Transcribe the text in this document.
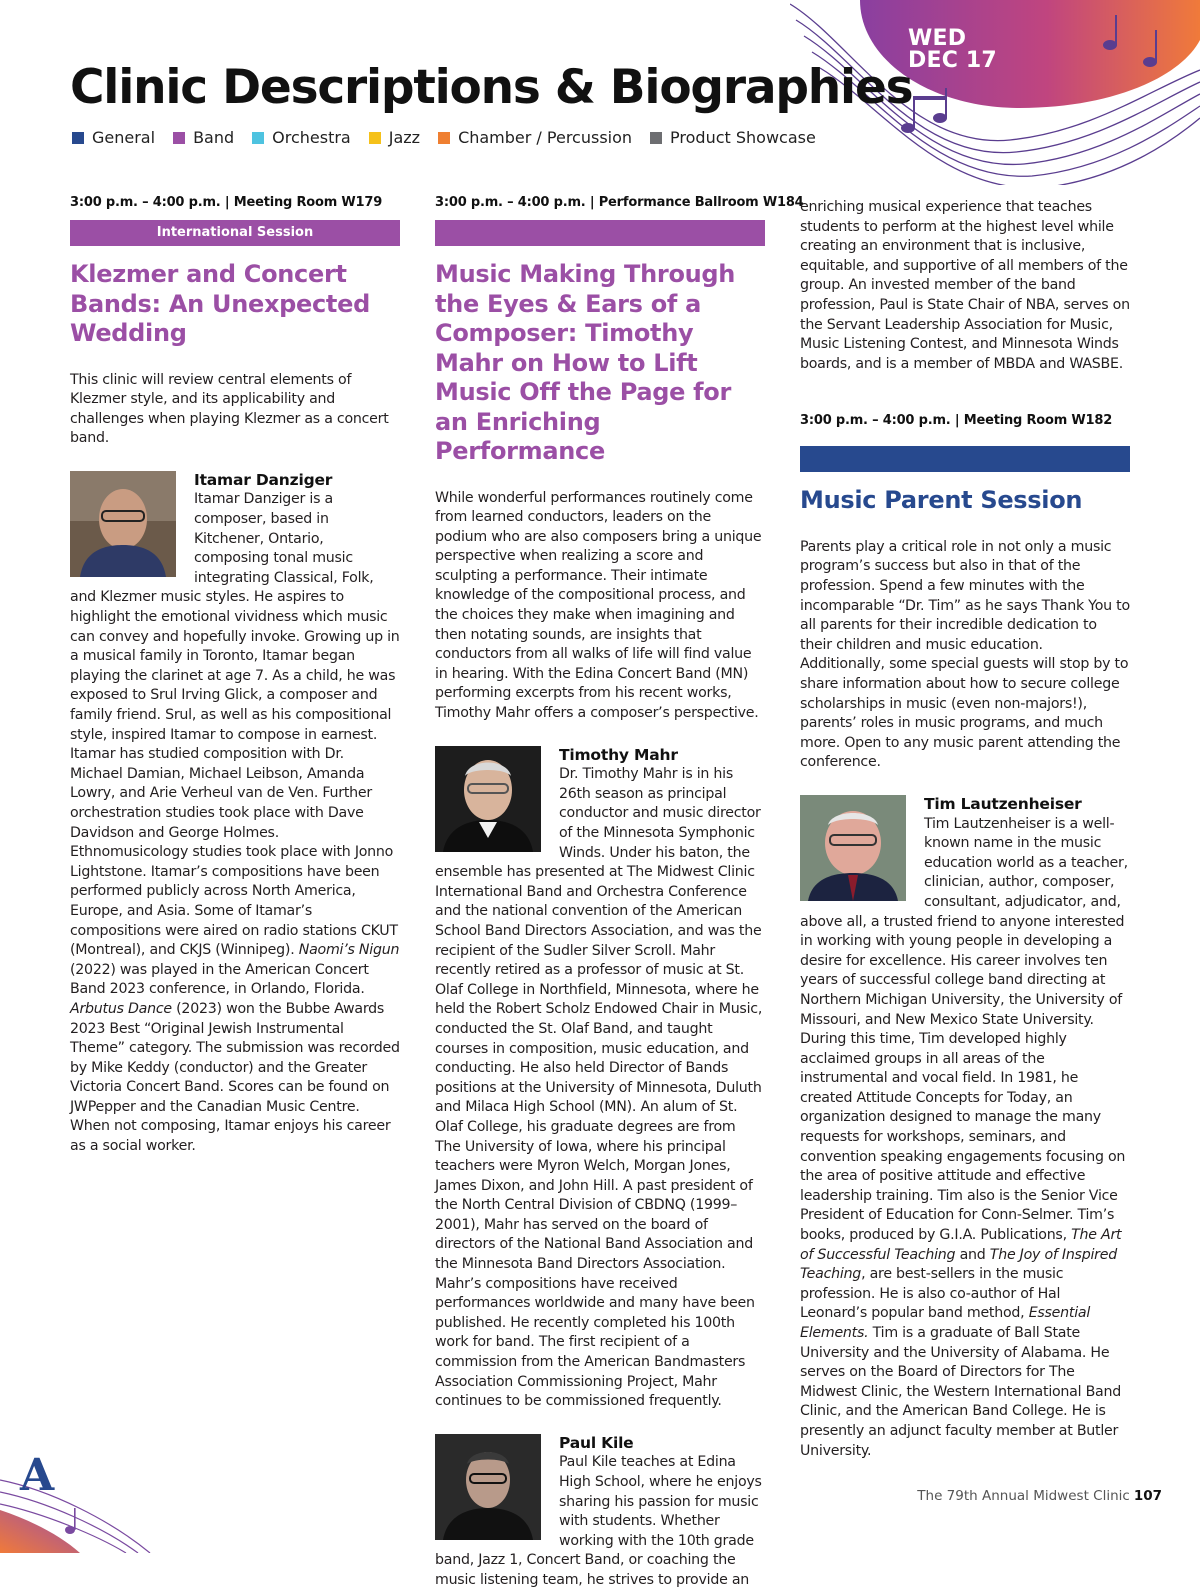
WED
DEC 17
Clinic Descriptions & Biographies
General Band Orchestra Jazz Chamber / Percussion Product Showcase
3:00 p.m. – 4:00 p.m. | Meeting Room W179
International Session
Klezmer and Concert Bands: An Unexpected Wedding

This clinic will review central elements of Klezmer style, and its applicability and challenges when playing Klezmer as a concert band.

Itamar Danziger

Itamar Danziger is a composer, based in Kitchener, Ontario, composing tonal music integrating Classical, Folk, and Klezmer music styles. He aspires to highlight the emotional vividness which music can convey and hopefully invoke. Growing up in a musical family in Toronto, Itamar began playing the clarinet at age 7. As a child, he was exposed to Srul Irving Glick, a composer and family friend. Srul, as well as his compositional style, inspired Itamar to compose in earnest. Itamar has studied composition with Dr. Michael Damian, Michael Leibson, Amanda Lowry, and Arie Verheul van de Ven. Further orchestration studies took place with Dave Davidson and George Holmes. Ethnomusicology studies took place with Jonno Lightstone. Itamar’s compositions have been performed publicly across North America, Europe, and Asia. Some of Itamar’s compositions were aired on radio stations CKUT (Montreal), and CKJS (Winnipeg). Naomi’s Nigun (2022) was played in the American Concert Band 2023 conference, in Orlando, Florida. Arbutus Dance (2023) won the Bubbe Awards 2023 Best “Original Jewish Instrumental Theme” category. The submission was recorded by Mike Keddy (conductor) and the Greater Victoria Concert Band. Scores can be found on JWPepper and the Canadian Music Centre. When not composing, Itamar enjoys his career as a social worker.

3:00 p.m. – 4:00 p.m. | Performance Ballroom W184
Music Making Through the Eyes & Ears of a Composer: Timothy Mahr on How to Lift Music Off the Page for an Enriching Performance

While wonderful performances routinely come from learned conductors, leaders on the podium who are also composers bring a unique perspective when realizing a score and sculpting a performance. Their intimate knowledge of the compositional process, and the choices they make when imagining and then notating sounds, are insights that conductors from all walks of life will find value in hearing. With the Edina Concert Band (MN) performing excerpts from his recent works, Timothy Mahr offers a composer’s perspective.

Timothy Mahr

Dr. Timothy Mahr is in his 26th season as principal conductor and music director of the Minnesota Symphonic Winds. Under his baton, the ensemble has presented at The Midwest Clinic International Band and Orchestra Conference and the national convention of the American School Band Directors Association, and was the recipient of the Sudler Silver Scroll. Mahr recently retired as a professor of music at St. Olaf College in Northfield, Minnesota, where he held the Robert Scholz Endowed Chair in Music, conducted the St. Olaf Band, and taught courses in composition, music education, and conducting. He also held Director of Bands positions at the University of Minnesota, Duluth and Milaca High School (MN). An alum of St. Olaf College, his graduate degrees are from The University of Iowa, where his principal teachers were Myron Welch, Morgan Jones, James Dixon, and John Hill. A past president of the North Central Division of CBDNQ (1999–2001), Mahr has served on the board of directors of the National Band Association and the Minnesota Band Directors Association. Mahr’s compositions have received performances worldwide and many have been published. He recently completed his 100th work for band. The first recipient of a commission from the American Bandmasters Association Commissioning Project, Mahr continues to be commissioned frequently.

Paul Kile

Paul Kile teaches at Edina High School, where he enjoys sharing his passion for music with students. Whether working with the 10th grade band, Jazz 1, Concert Band, or coaching the music listening team, he strives to provide an

enriching musical experience that teaches students to perform at the highest level while creating an environment that is inclusive, equitable, and supportive of all members of the group. An invested member of the band profession, Paul is State Chair of NBA, serves on the Servant Leadership Association for Music, Music Listening Contest, and Minnesota Winds boards, and is a member of MBDA and WASBE.

3:00 p.m. – 4:00 p.m. | Meeting Room W182
Music Parent Session

Parents play a critical role in not only a music program’s success but also in that of the profession. Spend a few minutes with the incomparable “Dr. Tim” as he says Thank You to all parents for their incredible dedication to their children and music education. Additionally, some special guests will stop by to share information about how to secure college scholarships in music (even non-majors!), parents’ roles in music programs, and much more. Open to any music parent attending the conference.

Tim Lautzenheiser

Tim Lautzenheiser is a well-known name in the music education world as a teacher, clinician, author, composer, consultant, adjudicator, and, above all, a trusted friend to anyone interested in working with young people in developing a desire for excellence. His career involves ten years of successful college band directing at Northern Michigan University, the University of Missouri, and New Mexico State University. During this time, Tim developed highly acclaimed groups in all areas of the instrumental and vocal field. In 1981, he created Attitude Concepts for Today, an organization designed to manage the many requests for workshops, seminars, and convention speaking engagements focusing on the area of positive attitude and effective leadership training. Tim also is the Senior Vice President of Education for Conn-Selmer. Tim’s books, produced by G.I.A. Publications, The Art of Successful Teaching and The Joy of Inspired Teaching, are best-sellers in the music profession. He is also co-author of Hal Leonard’s popular band method, Essential Elements. Tim is a graduate of Ball State University and the University of Alabama. He serves on the Board of Directors for The Midwest Clinic, the Western International Band Clinic, and the American Band College. He is presently an adjunct faculty member at Butler University.

A	The 79th Annual Midwest Clinic 107
